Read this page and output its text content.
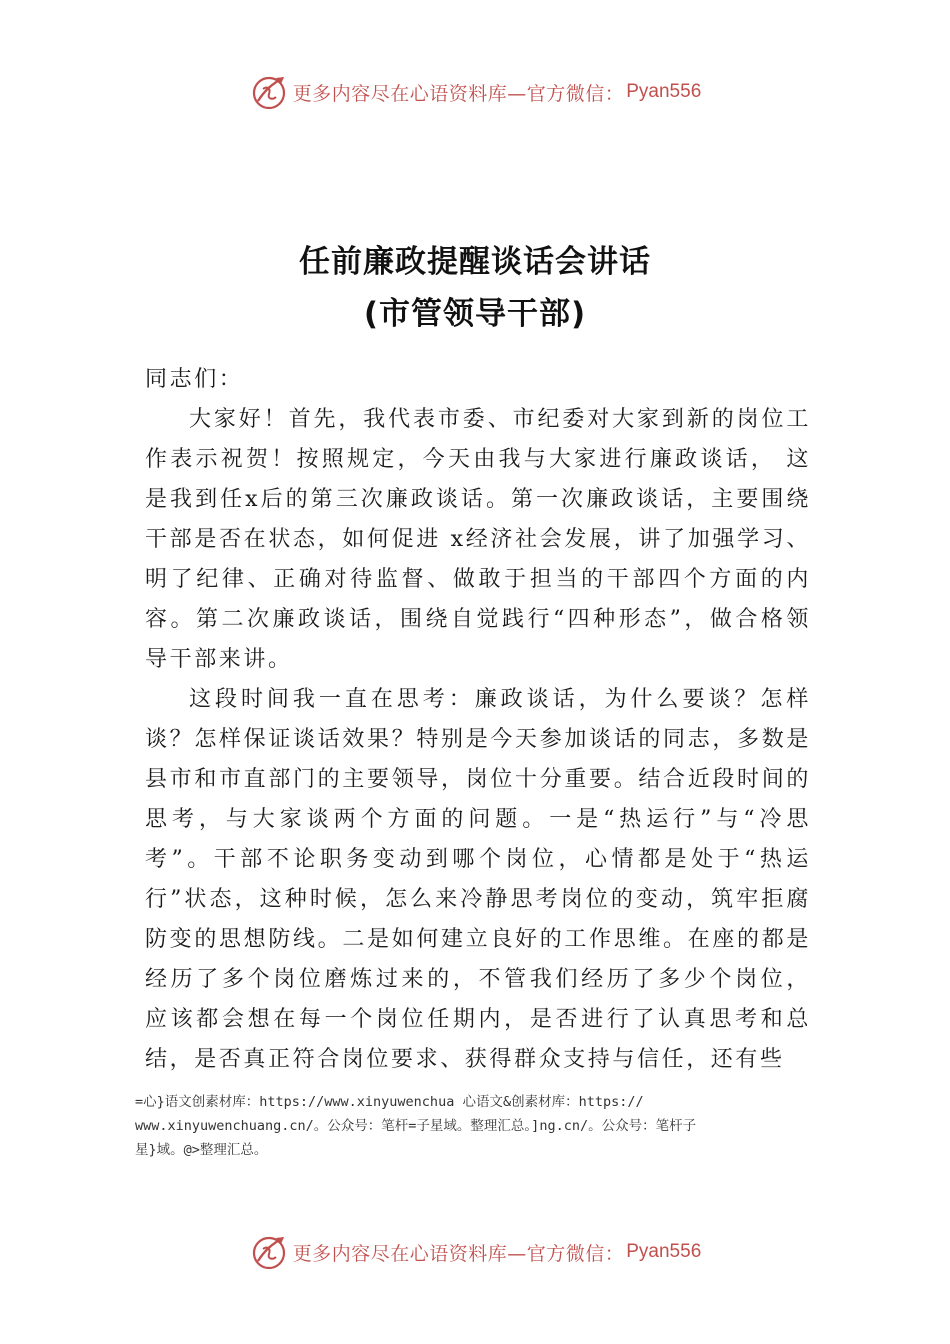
更多内容尽在心语资料库—官方微信： Pyan556
任前廉政提醒谈话会讲话
(市管领导干部)

同志们：

大家好！首先，我代表市委、市纪委对大家到新的岗位工作表示祝贺！按照规定，今天由我与大家进行廉政谈话， 这是我到任x后的第三次廉政谈话。第一次廉政谈话，主要围绕干部是否在状态，如何促进 x经济社会发展，讲了加强学习、明了纪律、正确对待监督、做敢于担当的干部四个方面的内容。第二次廉政谈话，围绕自觉践行“四种形态”，做合格领导干部来讲。

这段时间我一直在思考：廉政谈话，为什么要谈？怎样谈？怎样保证谈话效果？特别是今天参加谈话的同志，多数是县市和市直部门的主要领导，岗位十分重要。结合近段时间的思考，与大家谈两个方面的问题。一是“热运行”与“冷思考”。干部不论职务变动到哪个岗位，心情都是处于“热运行”状态，这种时候，怎么来冷静思考岗位的变动，筑牢拒腐防变的思想防线。二是如何建立良好的工作思维。在座的都是经历了多个岗位磨炼过来的，不管我们经历了多少个岗位， 应该都会想在每一个岗位任期内，是否进行了认真思考和总结，是否真正符合岗位要求、获得群众支持与信任，还有些

=心}语文创素材库：https://www.xinyuwenchua 心语文&创素材库：https://
www.xinyuwenchuang.cn/。公众号：笔杆=子星域。整理汇总。]ng.cn/。公众号：笔杆子
星}域。@>整理汇总。
更多内容尽在心语资料库—官方微信： Pyan556
